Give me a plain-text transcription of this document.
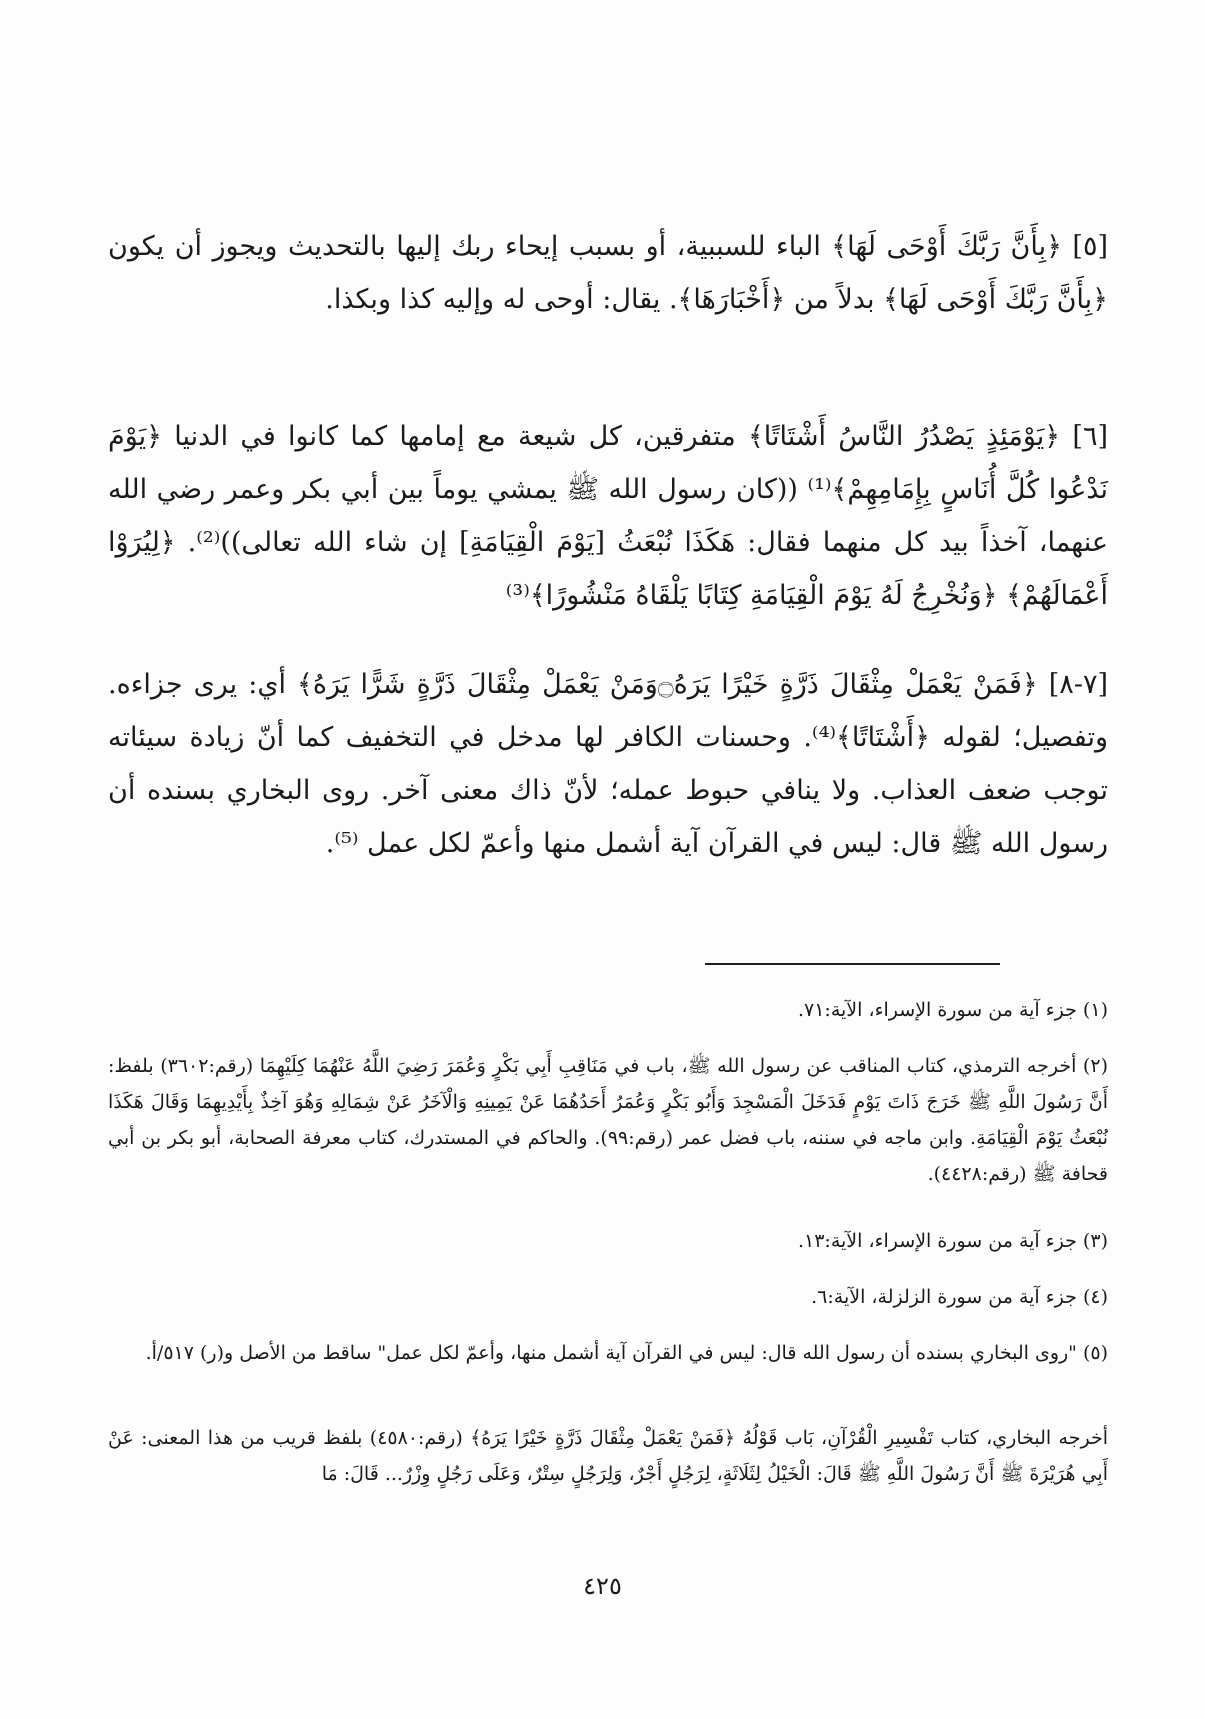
[٥] ﴿بِأَنَّ رَبَّكَ أَوْحَى لَهَا﴾ الباء للسببية، أو بسبب إيحاء ربك إليها بالتحديث ويجوز أن يكون ﴿بِأَنَّ رَبَّكَ أَوْحَى لَهَا﴾ بدلاً من ﴿أَخْبَارَهَا﴾. يقال: أوحى له وإليه كذا وبكذا.

[٦] ﴿يَوْمَئِذٍ يَصْدُرُ النَّاسُ أَشْتَاتًا﴾ متفرقين، كل شيعة مع إمامها كما كانوا في الدنيا ﴿يَوْمَ نَدْعُوا كُلَّ أُنَاسٍ بِإِمَامِهِمْ﴾⁽¹⁾ ((كان رسول الله ﷺ يمشي يوماً بين أبي بكر وعمر رضي الله عنهما، آخذاً بيد كل منهما فقال: هَكَذَا نُبْعَثُ [يَوْمَ الْقِيَامَةِ] إن شاء الله تعالى))⁽²⁾. ﴿لِيُرَوْا أَعْمَالَهُمْ﴾ ﴿وَنُخْرِجُ لَهُ يَوْمَ الْقِيَامَةِ كِتَابًا يَلْقَاهُ مَنْشُورًا﴾⁽³⁾

[٧-٨] ﴿فَمَنْ يَعْمَلْ مِثْقَالَ ذَرَّةٍ خَيْرًا يَرَهُ۝وَمَنْ يَعْمَلْ مِثْقَالَ ذَرَّةٍ شَرًّا يَرَهُ﴾ أي: يرى جزاءه. وتفصيل؛ لقوله ﴿أَشْتَاتًا﴾⁽⁴⁾. وحسنات الكافر لها مدخل في التخفيف كما أنّ زيادة سيئاته توجب ضعف العذاب. ولا ينافي حبوط عمله؛ لأنّ ذاك معنى آخر. روى البخاري بسنده أن رسول الله ﷺ قال: ليس في القرآن آية أشمل منها وأعمّ لكل عمل ⁽⁵⁾.

(١) جزء آية من سورة الإسراء، الآية:٧١.

(٢) أخرجه الترمذي، كتاب المناقب عن رسول الله ﷺ، باب في مَنَاقِبِ أَبِي بَكْرٍ وَعُمَرَ رَضِيَ اللَّهُ عَنْهُمَا كِلَيْهِمَا (رقم:٣٦٠٢) بلفظ: أَنَّ رَسُولَ اللَّهِ ﷺ خَرَجَ ذَاتَ يَوْمٍ فَدَخَلَ الْمَسْجِدَ وَأَبُو بَكْرٍ وَعُمَرُ أَحَدُهُمَا عَنْ يَمِينِهِ وَالْآخَرُ عَنْ شِمَالِهِ وَهُوَ آخِذٌ بِأَيْدِيهِمَا وَقَالَ هَكَذَا نُبْعَثُ يَوْمَ الْقِيَامَةِ. وابن ماجه في سننه، باب فضل عمر (رقم:٩٩). والحاكم في المستدرك، كتاب معرفة الصحابة، أبو بكر بن أبي قحافة ﷺ (رقم:٤٤٢٨).

(٣) جزء آية من سورة الإسراء، الآية:١٣.

(٤) جزء آية من سورة الزلزلة، الآية:٦.

(٥) "روى البخاري بسنده أن رسول الله قال: ليس في القرآن آية أشمل منها، وأعمّ لكل عمل" ساقط من الأصل و(ر) ٥١٧/أ.

أخرجه البخاري، كتاب تَفْسِيرِ الْقُرْآنِ، بَاب قَوْلُهُ ﴿فَمَنْ يَعْمَلْ مِثْقَالَ ذَرَّةٍ خَيْرًا يَرَهُ﴾ (رقم:٤٥٨٠) بلفظ قريب من هذا المعنى: عَنْ أَبِي هُرَيْرَةَ ﷺ أَنَّ رَسُولَ اللَّهِ ﷺ قَالَ: الْخَيْلُ لِثَلَاثَةٍ، لِرَجُلٍ أَجْرٌ، وَلِرَجُلٍ سِتْرٌ، وَعَلَى رَجُلٍ وِزْرٌ... قَالَ: مَا

٤٢٥
